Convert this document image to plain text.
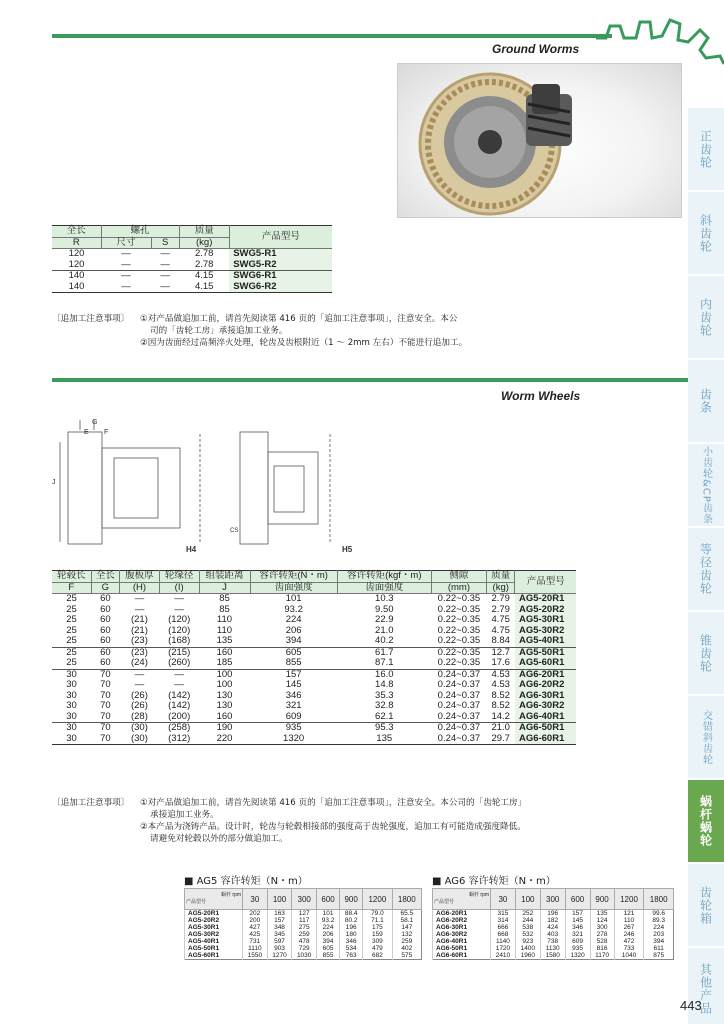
Ground Worms
全长	螺孔		质量	产品型号
R	尺寸	S	(kg)	
120	—	—	2.78	SWG5-R1
120	—	—	2.78	SWG5-R2
140	—	—	4.15	SWG6-R1
140	—	—	4.15	SWG6-R2
〔追加工注意事项〕 ①对产品做追加工前，请首先阅读第 416 页的「追加工注意事项」，注意安全。本公
司的「齿轮工房」承接追加工业务。
②因为齿面经过高频淬火处理，轮齿及齿根附近（1 ～ 2mm 左右）不能进行追加工。
Worm Wheels
G
E F
J
CS
H4	H5
轮毂长	全长	腹板厚	轮缘径	组装距离	容许转矩(N・m)	容许转矩(kgf・m)	侧隙	质量	产品型号
F	G	(H)	(I)	J	齿面强度	齿面强度	(mm)	(kg)	
25	60	—	—	85	101	10.3	0.22~0.35	2.79	AG5-20R1
25	60	—	—	85	93.2	9.50	0.22~0.35	2.79	AG5-20R2
25	60	(21)	(120)	110	224	22.9	0.22~0.35	4.75	AG5-30R1
25	60	(21)	(120)	110	206	21.0	0.22~0.35	4.75	AG5-30R2
25	60	(23)	(168)	135	394	40.2	0.22~0.35	8.84	AG5-40R1
25	60	(23)	(215)	160	605	61.7	0.22~0.35	12.7	AG5-50R1
25	60	(24)	(260)	185	855	87.1	0.22~0.35	17.6	AG5-60R1
30	70	—	—	100	157	16.0	0.24~0.37	4.53	AG6-20R1
30	70	—	—	100	145	14.8	0.24~0.37	4.53	AG6-20R2
30	70	(26)	(142)	130	346	35.3	0.24~0.37	8.52	AG6-30R1
30	70	(26)	(142)	130	321	32.8	0.24~0.37	8.52	AG6-30R2
30	70	(28)	(200)	160	609	62.1	0.24~0.37	14.2	AG6-40R1
30	70	(30)	(258)	190	935	95.3	0.24~0.37	21.0	AG6-50R1
30	70	(30)	(312)	220	1320	135	0.24~0.37	29.7	AG6-60R1
〔追加工注意事项〕 ①对产品做追加工前，请首先阅读第 416 页的「追加工注意事项」，注意安全。本公司的「齿轮工房」
承接追加工业务。
②本产品为浇铸产品。设计时，轮齿与轮毂相接部的强度高于齿轮强度，追加工有可能造成强度降低。
请避免对轮毂以外的部分做追加工。
■ AG5 容许转矩（N・m）
蜗杆 rpm
产品型号	30	100	300	600	900	1200	1800
AG5-20R1	202	163	127	101	88.4	79.0	65.5
AG5-20R2	200	157	117	93.2	80.2	71.1	58.1
AG5-30R1	427	348	275	224	196	175	147
AG5-30R2	425	345	259	206	180	159	132
AG5-40R1	731	597	478	394	346	309	259
AG5-50R1	1110	903	729	605	534	479	402
AG5-60R1	1550	1270	1030	855	763	682	575
■ AG6 容许转矩（N・m）
蜗杆 rpm
产品型号	30	100	300	600	900	1200	1800
AG6-20R1	315	252	196	157	135	121	99.6
AG6-20R2	314	244	182	145	124	110	89.3
AG6-30R1	666	538	424	346	300	267	224
AG6-30R2	668	532	403	321	278	246	203
AG6-40R1	1140	923	738	609	528	472	394
AG6-50R1	1720	1400	1130	935	816	733	611
AG6-60R1	2410	1960	1580	1320	1170	1040	875
正齿轮
斜齿轮
内齿轮
齿条
小齿轮&CP齿条
等径齿轮
锥齿轮
交错斜齿轮
蜗杆蜗轮
齿轮箱
其他产品
443
